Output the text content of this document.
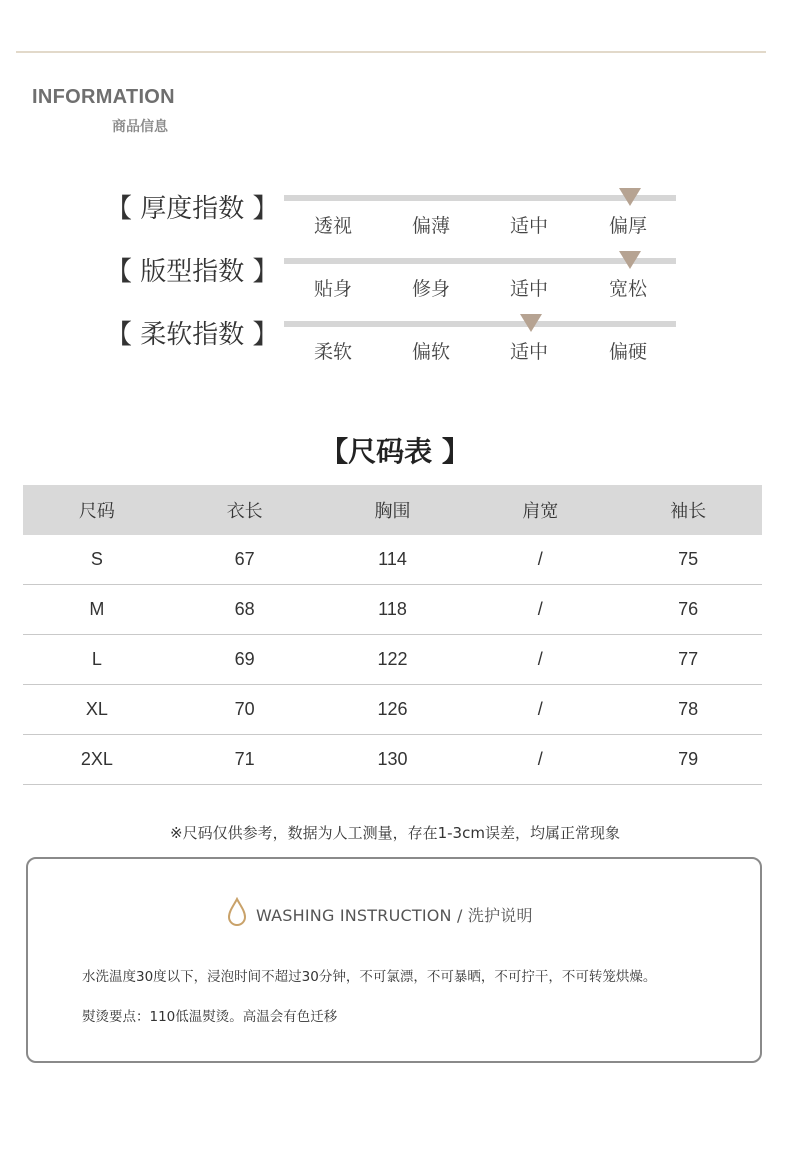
INFORMATION
商品信息
【 厚度指数 】
透视	偏薄	适中	偏厚
【 版型指数 】
贴身	修身	适中	宽松
【 柔软指数 】
柔软	偏软	适中	偏硬
【尺码表 】
尺码	衣长	胸围	肩宽	袖长
S	67	114	/	75
M	68	118	/	76
L	69	122	/	77
XL	70	126	/	78
2XL	71	130	/	79
※尺码仅供参考，数据为人工测量，存在1-3cm误差，均属正常现象
WASHING INSTRUCTION / 洗护说明
水洗温度30度以下，浸泡时间不超过30分钟，不可氯漂，不可暴晒，不可拧干，不可转笼烘燥。
熨烫要点：110低温熨烫。高温会有色迁移
